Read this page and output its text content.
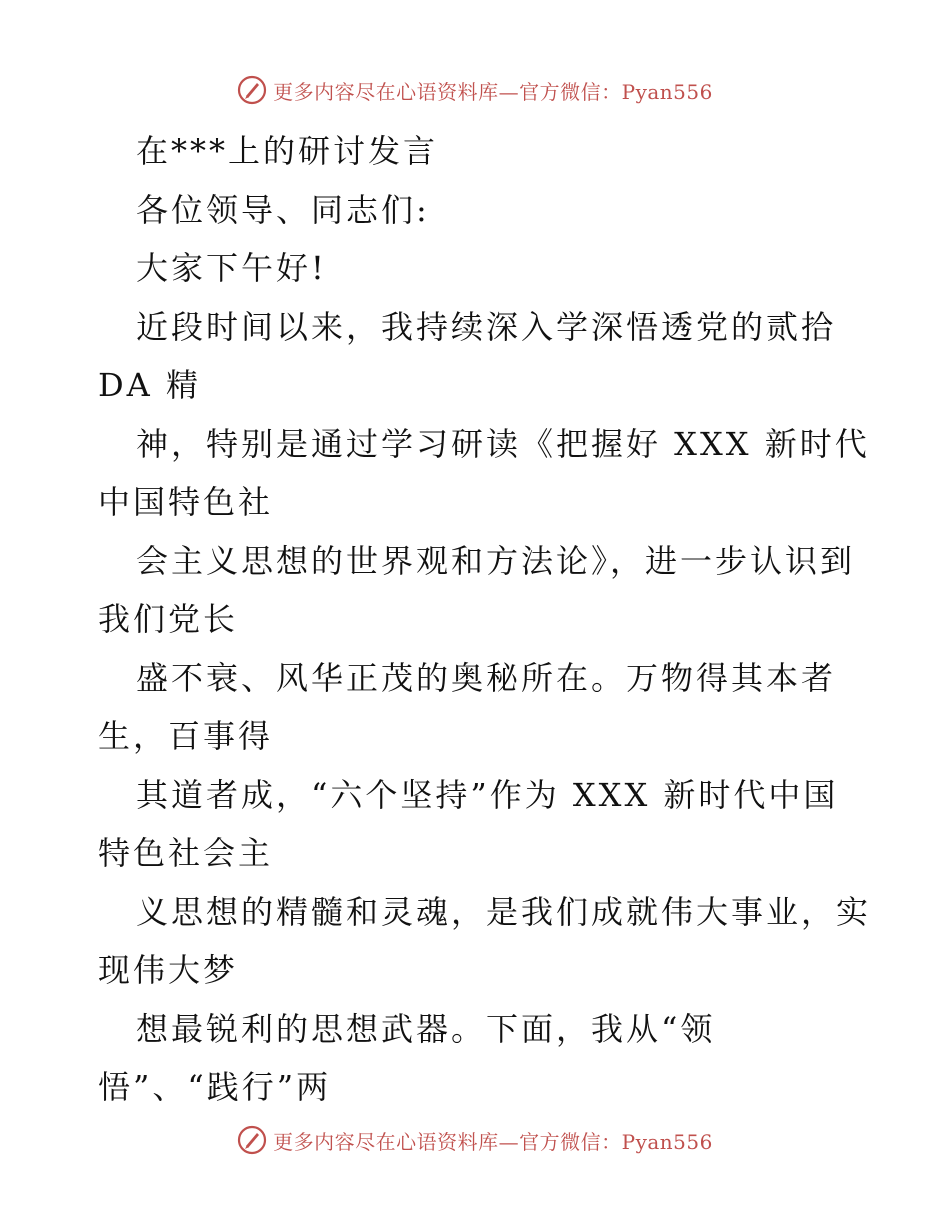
更多内容尽在心语资料库—官方微信：Pyan556
在***上的研讨发言
各位领导、同志们:
大家下午好!
近段时间以来，我持续深入学深悟透党的贰拾
DA 精
神，特别是通过学习研读《把握好 XXX 新时代
中国特色社
会主义思想的世界观和方法论》，进一步认识到
我们党长
盛不衰、风华正茂的奥秘所在。万物得其本者
生，百事得
其道者成，“六个坚持”作为 XXX 新时代中国
特色社会主
义思想的精髓和灵魂，是我们成就伟大事业，实
现伟大梦
想最锐利的思想武器。下面，我从“领
悟”、“践行”两
更多内容尽在心语资料库—官方微信：Pyan556
